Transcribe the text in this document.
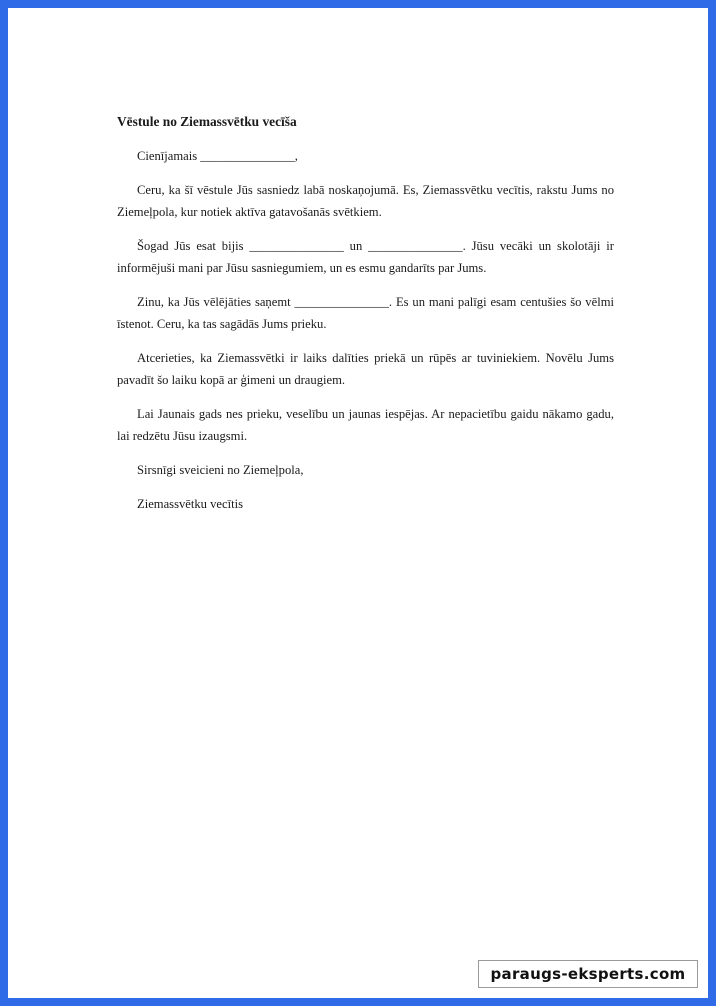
Vēstule no Ziemassvētku vecīša

Cienījamais _______________,

Ceru, ka šī vēstule Jūs sasniedz labā noskaņojumā. Es, Ziemassvētku vecītis, rakstu Jums no Ziemeļpola, kur notiek aktīva gatavošanās svētkiem.

Šogad Jūs esat bijis _______________ un _______________. Jūsu vecāki un skolotāji ir informējuši mani par Jūsu sasniegumiem, un es esmu gandarīts par Jums.

Zinu, ka Jūs vēlējāties saņemt _______________. Es un mani palīgi esam centušies šo vēlmi īstenot. Ceru, ka tas sagādās Jums prieku.

Atcerieties, ka Ziemassvētki ir laiks dalīties priekā un rūpēs ar tuviniekiem. Novēlu Jums pavadīt šo laiku kopā ar ģimeni un draugiem.

Lai Jaunais gads nes prieku, veselību un jaunas iespējas. Ar nepacietību gaidu nākamo gadu, lai redzētu Jūsu izaugsmi.

Sirsnīgi sveicieni no Ziemeļpola,

Ziemassvētku vecītis

paraugs-eksperts.com
